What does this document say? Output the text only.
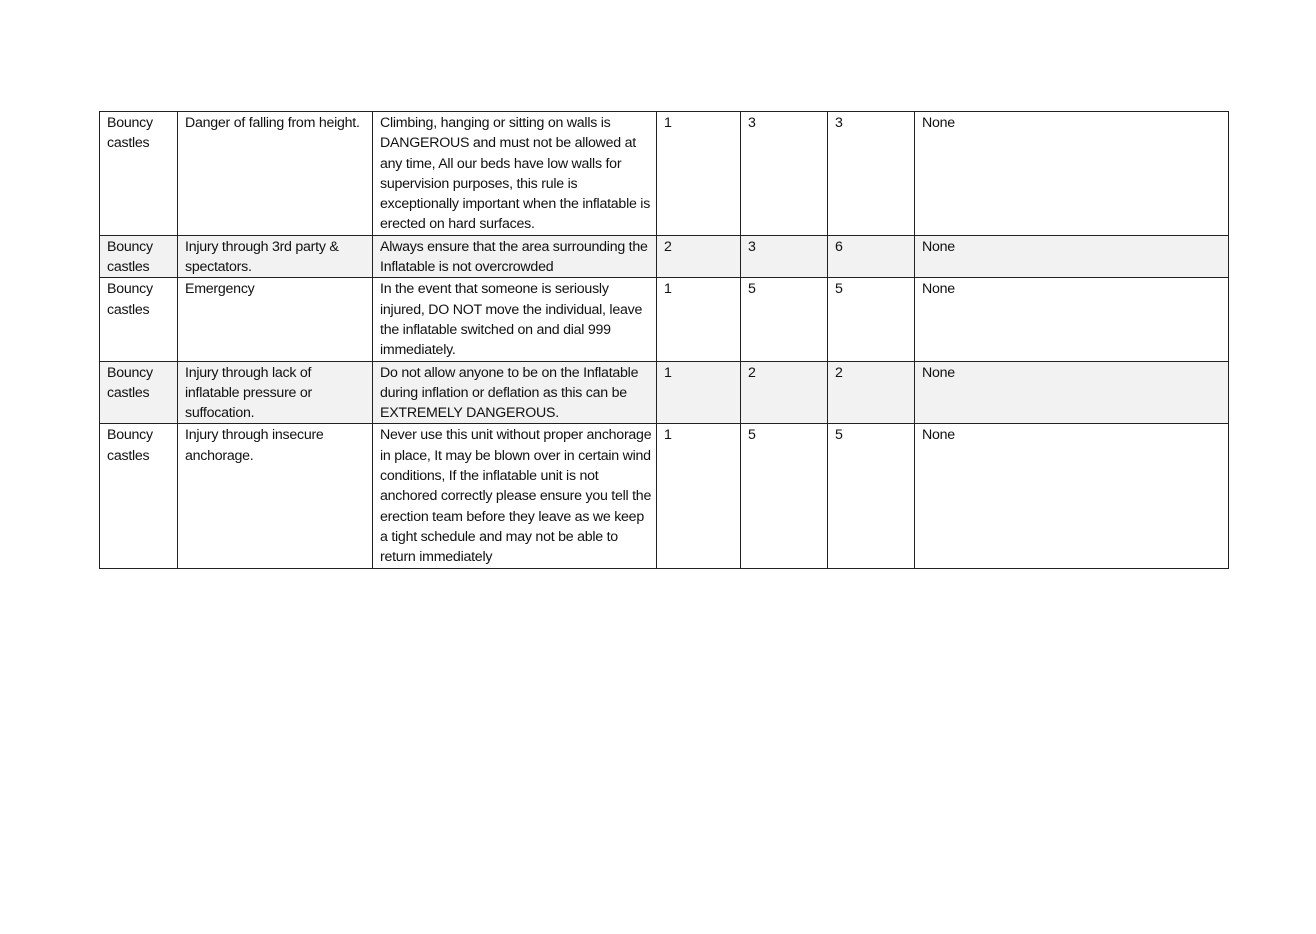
Bouncy castles	Danger of falling from height.	Climbing, hanging or sitting on walls is DANGEROUS and must not be allowed at any time, All our beds have low walls for supervision purposes, this rule is exceptionally important when the inflatable is erected on hard surfaces.	1	3	3	None
Bouncy castles	Injury through 3rd party & spectators.	Always ensure that the area surrounding the Inflatable is not overcrowded	2	3	6	None
Bouncy castles	Emergency	In the event that someone is seriously injured, DO NOT move the individual, leave the inflatable switched on and dial 999 immediately.	1	5	5	None
Bouncy castles	Injury through lack of inflatable pressure or suffocation.	Do not allow anyone to be on the Inflatable during inflation or deflation as this can be EXTREMELY DANGEROUS.	1	2	2	None
Bouncy castles	Injury through insecure anchorage.	Never use this unit without proper anchorage in place, It may be blown over in certain wind conditions, If the inflatable unit is not anchored correctly please ensure you tell the erection team before they leave as we keep a tight schedule and may not be able to return immediately	1	5	5	None
